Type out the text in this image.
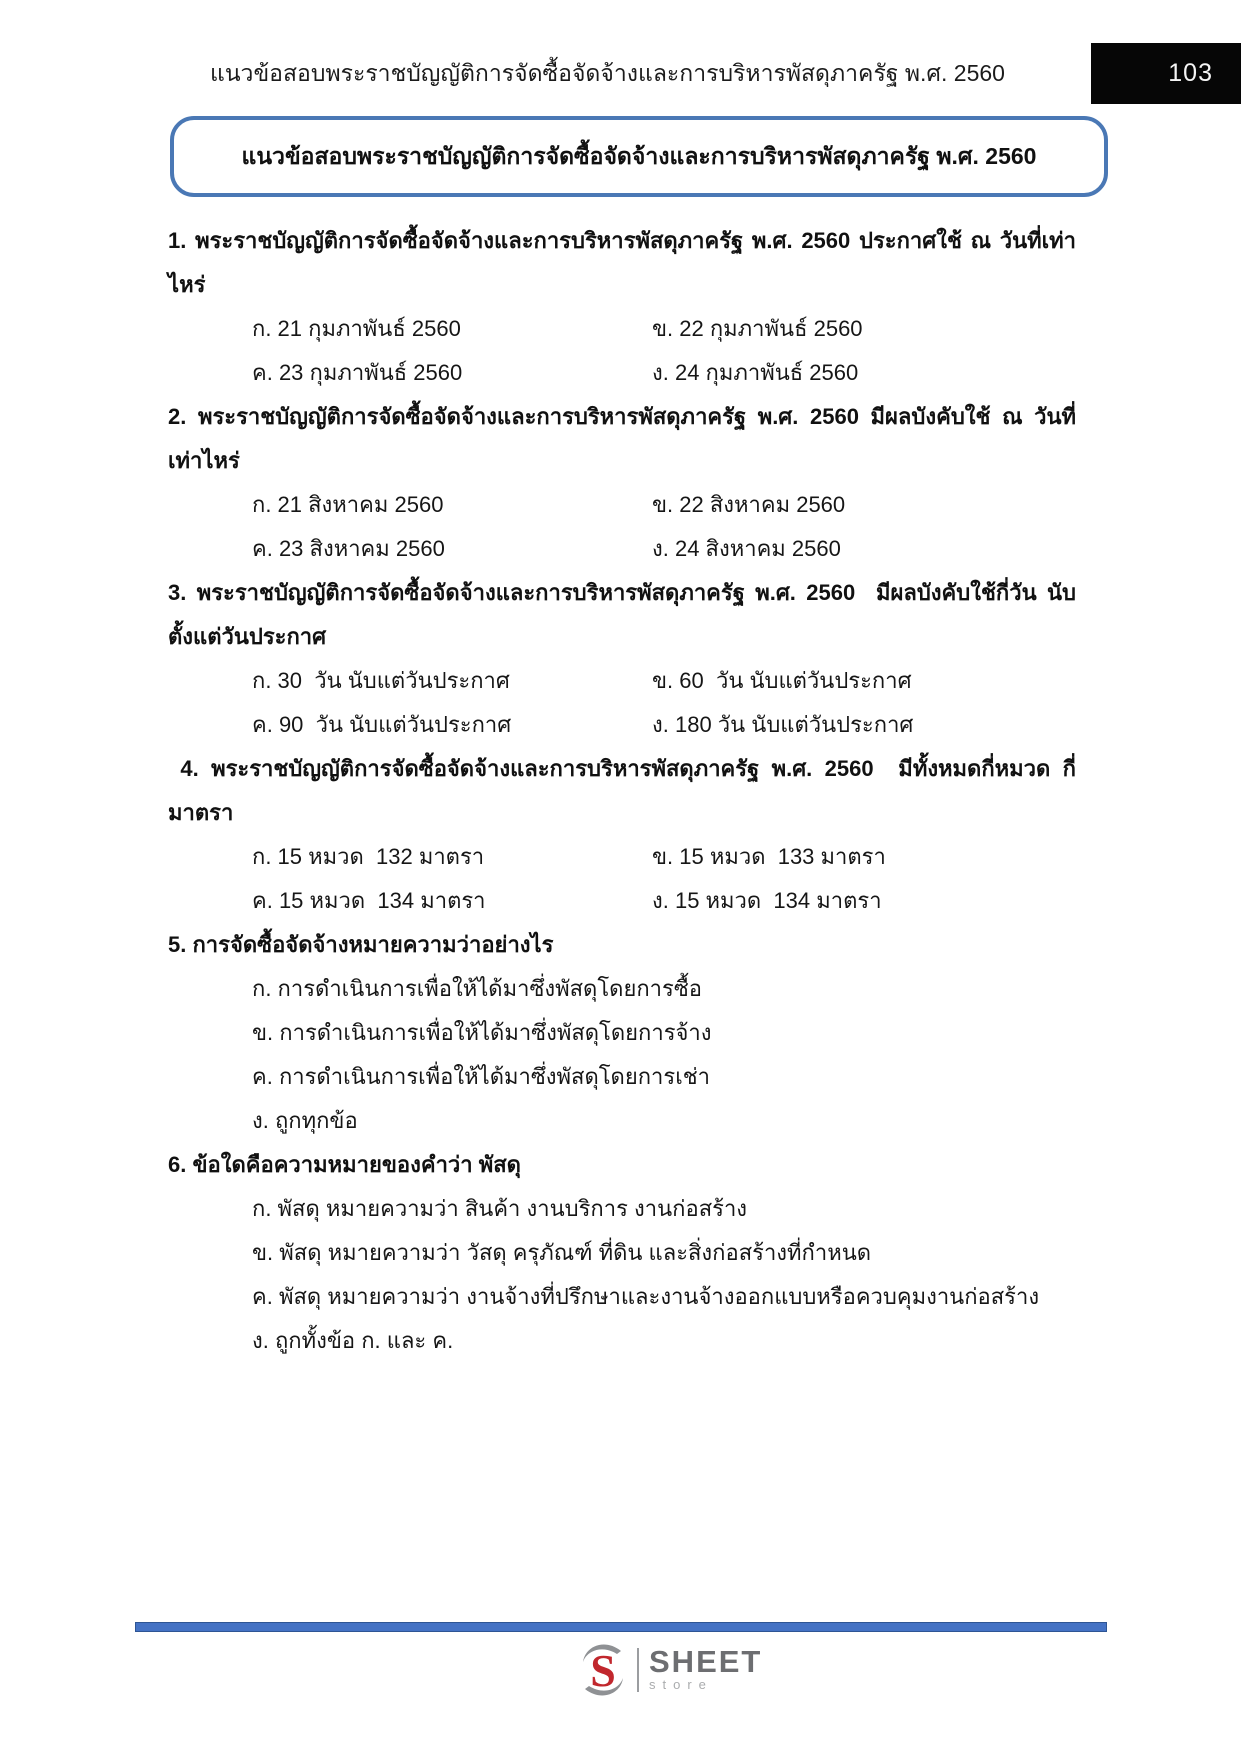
แนวข้อสอบพระราชบัญญัติการจัดซื้อจัดจ้างและการบริหารพัสดุภาครัฐ พ.ศ. 2560	103
แนวข้อสอบพระราชบัญญัติการจัดซื้อจัดจ้างและการบริหารพัสดุภาครัฐ พ.ศ. 2560
1. พระราชบัญญัติการจัดซื้อจัดจ้างและการบริหารพัสดุภาครัฐ พ.ศ. 2560 ประกาศใช้ ณ วันที่เท่าไหร่
ก. 21 กุมภาพันธ์ 2560	ข. 22 กุมภาพันธ์ 2560
ค. 23 กุมภาพันธ์ 2560	ง. 24 กุมภาพันธ์ 2560
2. พระราชบัญญัติการจัดซื้อจัดจ้างและการบริหารพัสดุภาครัฐ พ.ศ. 2560 มีผลบังคับใช้ ณ วันที่เท่าไหร่
ก. 21 สิงหาคม 2560	ข. 22 สิงหาคม 2560
ค. 23 สิงหาคม 2560	ง. 24 สิงหาคม 2560
3. พระราชบัญญัติการจัดซื้อจัดจ้างและการบริหารพัสดุภาครัฐ พ.ศ. 2560  มีผลบังคับใช้กี่วัน นับตั้งแต่วันประกาศ
ก. 30  วัน นับแต่วันประกาศ	ข. 60  วัน นับแต่วันประกาศ
ค. 90  วัน นับแต่วันประกาศ	ง. 180 วัน นับแต่วันประกาศ
4. พระราชบัญญัติการจัดซื้อจัดจ้างและการบริหารพัสดุภาครัฐ พ.ศ. 2560  มีทั้งหมดกี่หมวด กี่มาตรา
ก. 15 หมวด  132 มาตรา	ข. 15 หมวด  133 มาตรา
ค. 15 หมวด  134 มาตรา	ง. 15 หมวด  134 มาตรา
5. การจัดซื้อจัดจ้างหมายความว่าอย่างไร
ก. การดำเนินการเพื่อให้ได้มาซึ่งพัสดุโดยการซื้อ
ข. การดำเนินการเพื่อให้ได้มาซึ่งพัสดุโดยการจ้าง
ค. การดำเนินการเพื่อให้ได้มาซึ่งพัสดุโดยการเช่า
ง. ถูกทุกข้อ
6. ข้อใดคือความหมายของคำว่า พัสดุ
ก. พัสดุ หมายความว่า สินค้า งานบริการ งานก่อสร้าง
ข. พัสดุ หมายความว่า วัสดุ ครุภัณฑ์ ที่ดิน และสิ่งก่อสร้างที่กำหนด
ค. พัสดุ หมายความว่า งานจ้างที่ปรึกษาและงานจ้างออกแบบหรือควบคุมงานก่อสร้าง
ง. ถูกทั้งข้อ ก. และ ค.
S SHEET
store
